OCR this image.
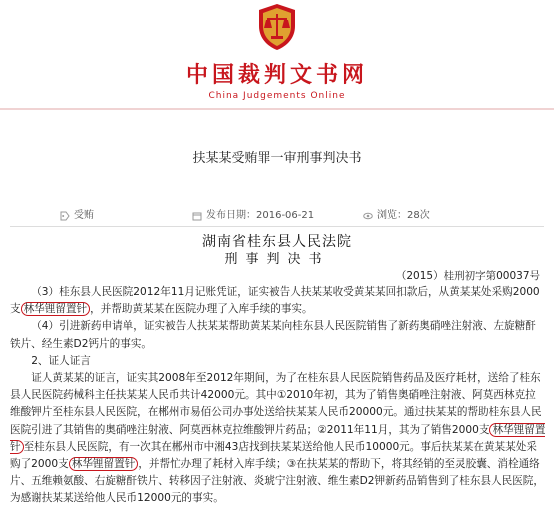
中国裁判文书网
China Judgements Online
扶某某受贿罪一审刑事判决书
受贿	发布日期：2016-06-21	浏览：28次
湖南省桂东县人民法院
刑事判决书
（2015）桂刑初字第00037号

（3）桂东县人民医院2012年11月记账凭证，证实被告人扶某某收受黄某某回扣款后，从黄某某处采购2000支 林华锂留置针 ，并帮助黄某某在医院办理了入库手续的事实。

（4）引进新药申请单，证实被告人扶某某帮助黄某某向桂东县人民医院销售了新药奥硝唑注射液、左旋糖酐铁片、经生素D2钙片的事实。

2、证人证言

证人黄某某的证言，证实其2008年至2012年期间，为了在桂东县人民医院销售药品及医疗耗材，送给了桂东县人民医院药械科主任扶某某人民币共计42000元。其中①2010年初，其为了销售奥硝唑注射液、阿莫西林克拉维酸钾片至桂东县人民医院，在郴州市易佰公司办事处送给扶某某人民币20000元。通过扶某某的帮助桂东县人民医院引进了其销售的奥硝唑注射液、阿莫西林克拉维酸钾片药品；②2011年11月，其为了销售2000支 林华锂留置针 至桂东县人民医院，有一次其在郴州市中湘43店找到扶某某送给他人民币10000元。事后扶某某在黄某某处采购了2000支 林华锂留置针 ，并帮忙办理了耗材入库手续；③在扶某某的帮助下，将其经销的至灵胶囊、消栓通络片、五维赖氨酸、右旋糖酐铁片、转移因子注射液、炎琥宁注射液、维生素D2钾新药品销售到了桂东县人民医院，为感谢扶某某送给他人民币12000元的事实。
